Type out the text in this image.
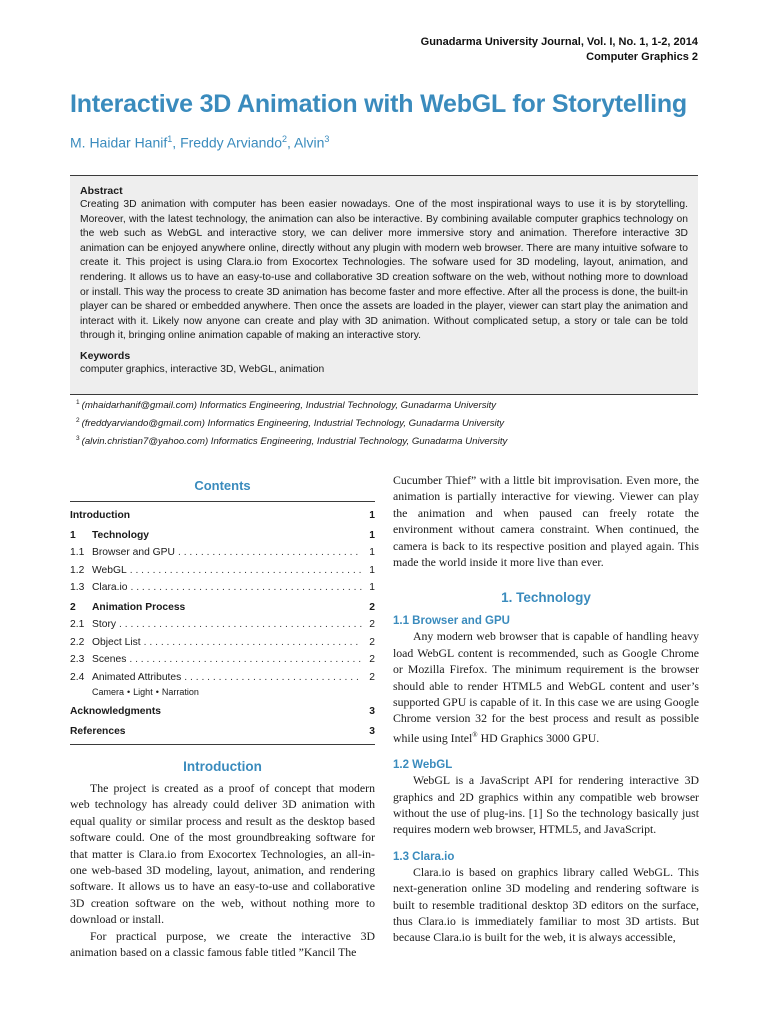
Gunadarma University Journal, Vol. I, No. 1, 1-2, 2014
Computer Graphics 2
Interactive 3D Animation with WebGL for Storytelling
M. Haidar Hanif$^1$, Freddy Arviando$^2$, Alvin$^3$
Abstract
Creating 3D animation with computer has been easier nowadays. One of the most inspirational ways to use it is by storytelling. Moreover, with the latest technology, the animation can also be interactive. By combining available computer graphics technology on the web such as WebGL and interactive story, we can deliver more immersive story and animation. Therefore interactive 3D animation can be enjoyed anywhere online, directly without any plugin with modern web browser. There are many intuitive sofware to create it. This project is using Clara.io from Exocortex Technologies. The sofware used for 3D modeling, layout, animation, and rendering. It allows us to have an easy-to-use and collaborative 3D creation software on the web, without nothing more to download or install. This way the process to create 3D animation has become faster and more effective. After all the process is done, the built-in player can be shared or embedded anywhere. Then once the assets are loaded in the player, viewer can start play the animation and interact with it. Likely now anyone can create and play with 3D animation. Without complicated setup, a story or tale can be told through it, bringing online animation capable of making an interactive story.
Keywords
computer graphics, interactive 3D, WebGL, animation
$^1$ (mhaidarhanif@gmail.com) Informatics Engineering, Industrial Technology, Gunadarma University
$^2$ (freddyarviando@gmail.com) Informatics Engineering, Industrial Technology, Gunadarma University
$^3$ (alvin.christian7@yahoo.com) Informatics Engineering, Industrial Technology, Gunadarma University
Contents
Introduction	1
1	Technology	1
1.1 Browser and GPU . . .	1
1.2 WebGL . . .	1
1.3 Clara.io . . .	1
2	Animation Process	2
2.1 Story . . .	2
2.2 Object List . . .	2
2.3 Scenes . . .	2
2.4 Animated Attributes . . .	2
Camera • Light • Narration
Acknowledgments	3
References	3
Introduction

The project is created as a proof of concept that modern web technology has already could deliver 3D animation with equal quality or similar process and result as the desktop based software could. One of the most groundbreaking software for that matter is Clara.io from Exocortex Technologies, an all-in-one web-based 3D modeling, layout, animation, and rendering software. It allows us to have an easy-to-use and collaborative 3D creation software on the web, without nothing more to download or install.

For practical purpose, we create the interactive 3D animation based on a classic famous fable titled ”Kancil The

Cucumber Thief” with a little bit improvisation. Even more, the animation is partially interactive for viewing. Viewer can play the animation and when paused can freely rotate the environment without camera constraint. When continued, the camera is back to its respective position and played again. This made the world inside it more live than ever.

1. Technology
1.1 Browser and GPU

Any modern web browser that is capable of handling heavy load WebGL content is recommended, such as Google Chrome or Mozilla Firefox. The minimum requirement is the browser should able to render HTML5 and WebGL content and user’s supported GPU is capable of it. In this case we are using Google Chrome version 32 for the best process and result as possible while using Intel® HD Graphics 3000 GPU.

1.2 WebGL

WebGL is a JavaScript API for rendering interactive 3D graphics and 2D graphics within any compatible web browser without the use of plug-ins. [1] So the technology basically just requires modern web browser, HTML5, and JavaScript.

1.3 Clara.io

Clara.io is based on graphics library called WebGL. This next-generation online 3D modeling and rendering software is built to resemble traditional desktop 3D editors on the surface, thus Clara.io is immediately familiar to most 3D artists. But because Clara.io is built for the web, it is always accessible,
